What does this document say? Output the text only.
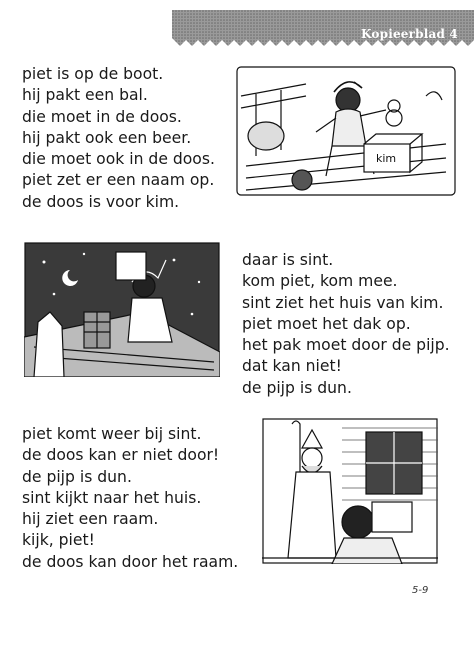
Kopieerblad 4
piet is op de boot.
hij pakt een bal.
die moet in de doos.
hij pakt ook een beer.
die moet ook in de doos.
piet zet er een naam op.
de doos is voor kim.
kim
daar is sint.
kom piet, kom mee.
sint ziet het huis van kim.
piet moet het dak op.
het pak moet door de pijp.
dat kan niet!
de pijp is dun.
piet komt weer bij sint.
de doos kan er niet door!
de pijp is dun.
sint kijkt naar het huis.
hij ziet een raam.
kijk, piet!
de doos kan door het raam.
5-9
